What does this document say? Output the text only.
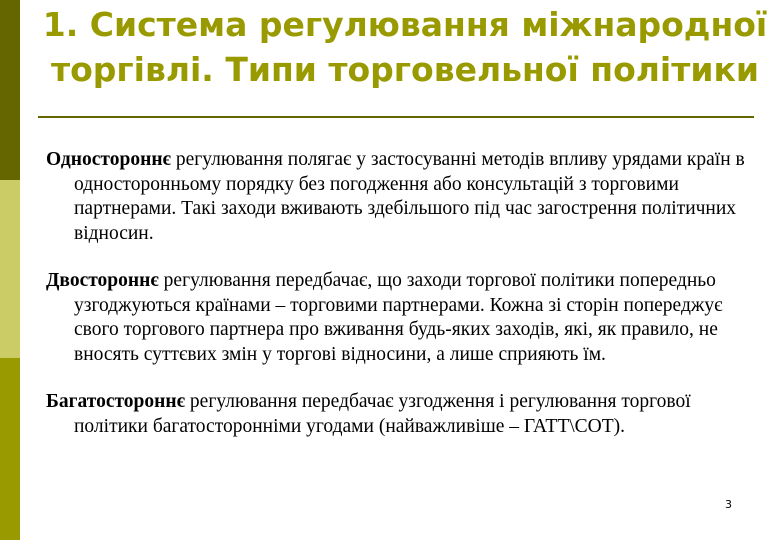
1. Система регулювання міжнародної торгівлі. Типи торговельної політики

Одностороннє регулювання полягає у застосуванні методів впливу урядами країн в односторонньому порядку без погодження або консультацій з торговими партнерами. Такі заходи вживають здебільшого під час загострення політичних відносин.

Двостороннє регулювання передбачає, що заходи торгової політики попередньо узгоджуються країнами – торговими партнерами. Кожна зі сторін попереджує свого торгового партнера про вживання будь-яких заходів, які, як правило, не вносять суттєвих змін у торгові відносини, а лише сприяють їм.

Багатостороннє регулювання передбачає узгодження і регулювання торгової політики багатосторонніми угодами (найважливіше – ГАТТ\СОТ).

3
